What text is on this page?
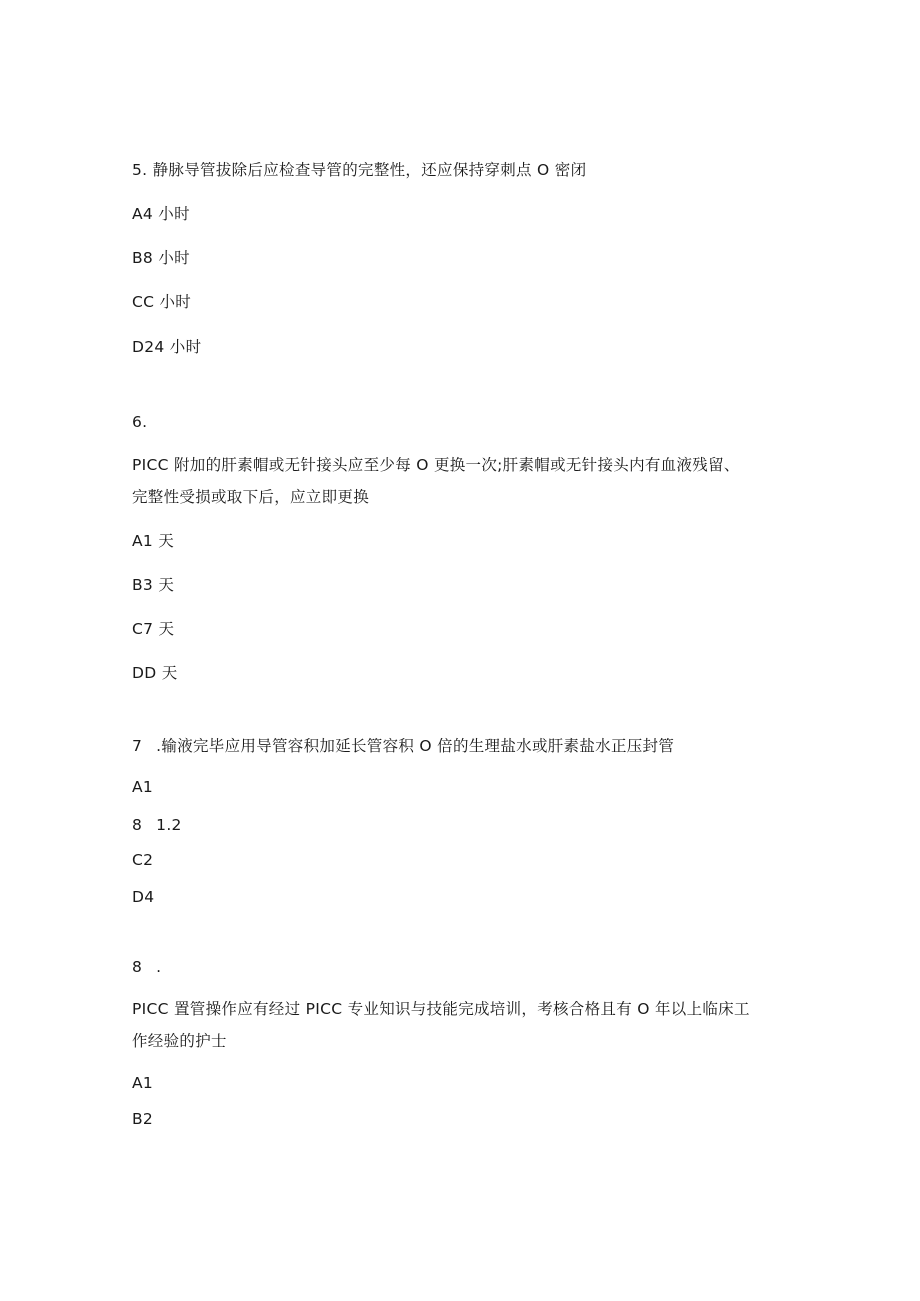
5. 静脉导管拔除后应检查导管的完整性，还应保持穿刺点 O 密闭
A4 小时
B8 小时
CC 小时
D24 小时
6.
PICC 附加的肝素帽或无针接头应至少每 O 更换一次;肝素帽或无针接头内有血液残留、
完整性受损或取下后，应立即更换
A1 天
B3 天
C7 天
DD 天
7 .输液完毕应用导管容积加延长管容积 O 倍的生理盐水或肝素盐水正压封管
A1
8 1.2
C2
D4
8 .
PICC 置管操作应有经过 PICC 专业知识与技能完成培训，考核合格且有 O 年以上临床工
作经验的护士
A1
B2
